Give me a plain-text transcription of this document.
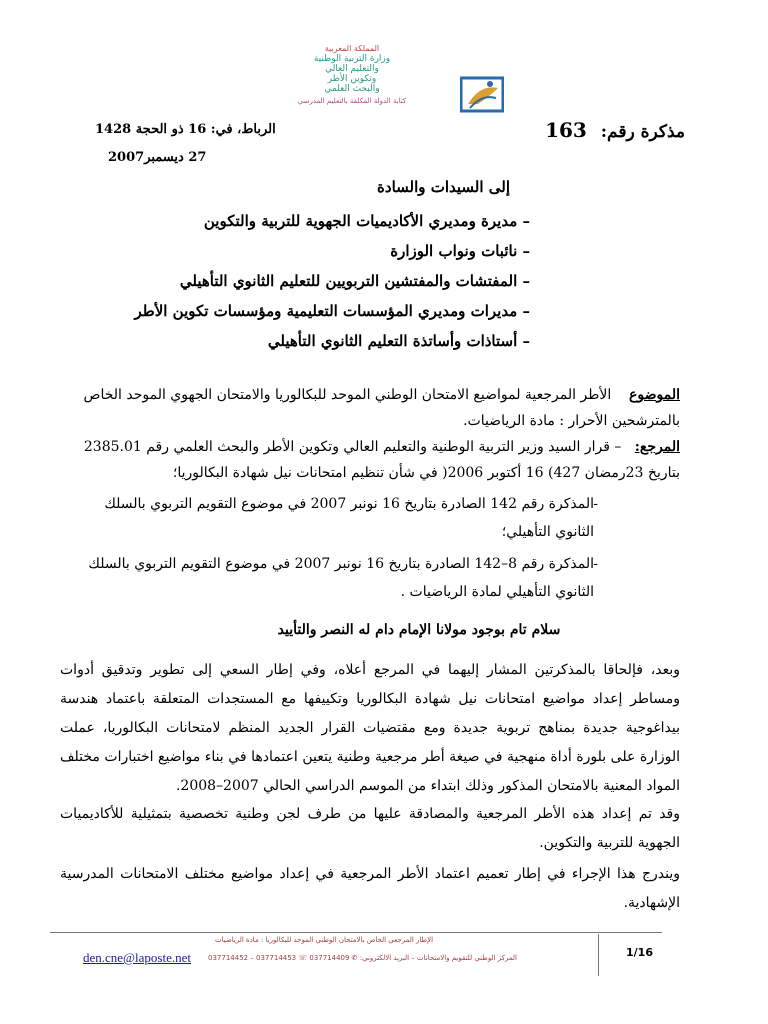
المملكة المغربية
وزارة التربية الوطنية
والتعليم العالي
وتكوين الأطر
والبحث العلمي
كتابة الدولة المكلفة بالتعليم المدرسي
مذكرة رقم: 163
الرباط، في: 16 ذو الحجة 1428
27 ديسمبر2007
إلى السيدات والسادة
– مديرة ومديري الأكاديميات الجهوية للتربية والتكوين
– نائبات ونواب الوزارة
– المفتشات والمفتشين التربويين للتعليم الثانوي التأهيلي
– مديرات ومديري المؤسسات التعليمية ومؤسسات تكوين الأطر
– أستاذات وأساتذة التعليم الثانوي التأهيلي
الموضوع    الأطر المرجعية لمواضيع الامتحان الوطني الموحد للبكالوريا والامتحان الجهوي الموحد الخاص بالمترشحين الأحرار : مادة الرياضيات.
المرجع:   – قرار السيد وزير التربية الوطنية والتعليم العالي وتكوين الأطر والبحث العلمي رقم 2385.01 بتاريخ 23رمضان 427) 16 أكتوبر 2006( في شأن تنظيم امتحانات نيل شهادة البكالوريا؛
- المذكرة رقم 142 الصادرة بتاريخ 16 نونبر 2007 في موضوع التقويم التربوي بالسلك الثانوي التأهيلي؛
- المذكرة رقم 8–142 الصادرة بتاريخ 16 نونبر 2007 في موضوع التقويم التربوي بالسلك الثانوي التأهيلي لمادة الرياضيات .
سلام تام بوجود مولانا الإمام دام له النصر والتأييد
وبعد، فإلحاقا بالمذكرتين المشار إليهما في المرجع أعلاه، وفي إطار السعي إلى تطوير وتدقيق أدوات ومساطر إعداد مواضيع امتحانات نيل شهادة البكالوريا وتكييفها مع المستجدات المتعلقة باعتماد هندسة بيداغوجية جديدة بمناهج تربوية جديدة ومع مقتضيات القرار الجديد المنظم لامتحانات البكالوريا، عملت الوزارة على بلورة أداة منهجية في صيغة أطر مرجعية وطنية يتعين اعتمادها في بناء مواضيع اختبارات مختلف المواد المعنية بالامتحان المذكور وذلك ابتداء من الموسم الدراسي الحالي 2007–2008.
وقد تم إعداد هذه الأطر المرجعية والمصادقة عليها من طرف لجن وطنية تخصصية بتمثيلية للأكاديميات الجهوية للتربية والتكوين.
ويندرج هذا الإجراء في إطار تعميم اعتماد الأطر المرجعية في إعداد مواضيع مختلف الامتحانات المدرسية الإشهادية.
الإطار المرجعي الخاص بالامتحان الوطني الموحد للبكالوريا : مادة الرياضيات
المركز الوطني للتقويم والامتحانات – البريد الالكتروني: ✆ 037714409 ☏ 037714453 – 037714452
den.cne@laposte.net	1/16
